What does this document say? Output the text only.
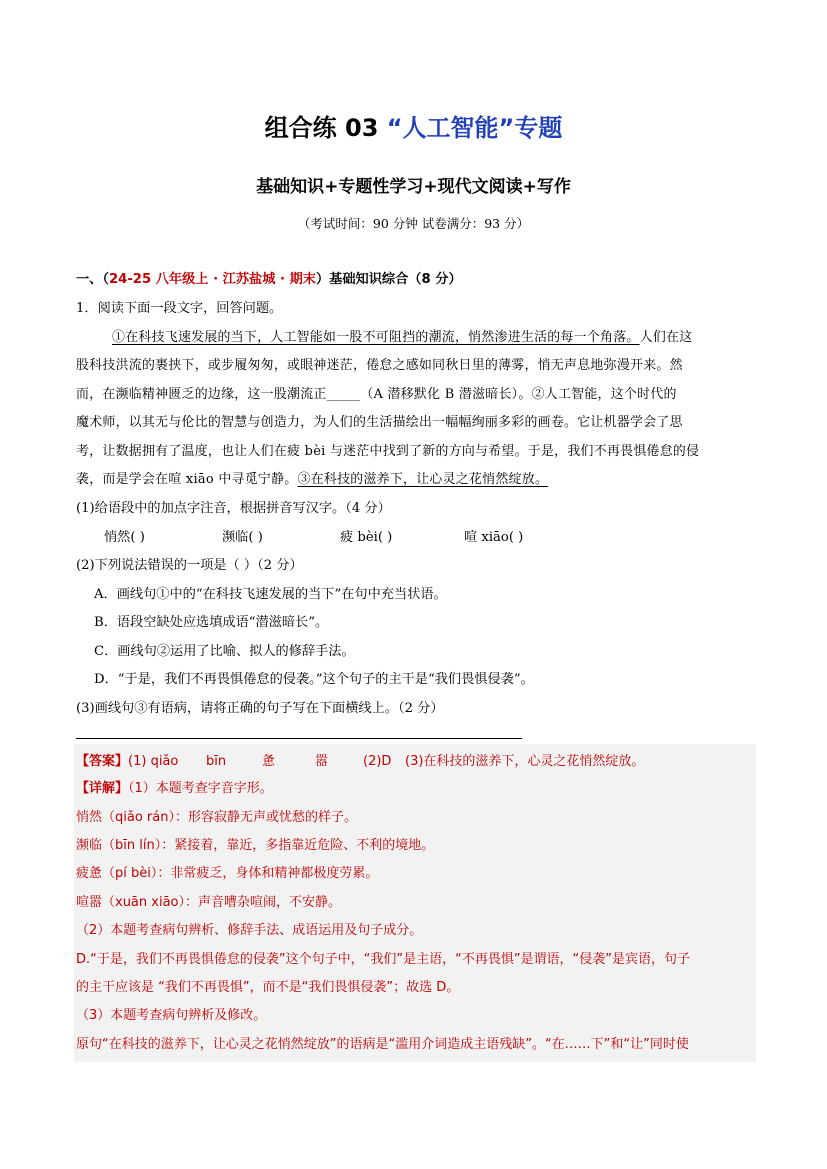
组合练 03 “人工智能”专题
基础知识+专题性学习+现代文阅读+写作
（考试时间：90 分钟 试卷满分：93 分）
一、（24-25 八年级上 · 江苏盐城 · 期末）基础知识综合（8 分）
1．阅读下面一段文字，回答问题。
①在科技飞速发展的当下，人工智能如一股不可阻挡的潮流，悄然渗进生活的每一个角落。人们在这
股科技洪流的裹挟下，或步履匆匆，或眼神迷茫，倦怠之感如同秋日里的薄雾，悄无声息地弥漫开来。然
而，在濒临精神匮乏的边缘，这一股潮流正_____（A 潜移默化 B 潜滋暗长）。②人工智能，这个时代的
魔术师，以其无与伦比的智慧与创造力，为人们的生活描绘出一幅幅绚丽多彩的画卷。它让机器学会了思
考，让数据拥有了温度，也让人们在疲 bèi 与迷茫中找到了新的方向与希望。于是，我们不再畏惧倦怠的侵
袭，而是学会在喧 xiāo 中寻觅宁静。③在科技的滋养下，让心灵之花悄然绽放。
(1)给语段中的加点字注音，根据拼音写汉字。（4 分）
悄然( )	濒临( )	疲 bèi( )	喧 xiāo( )
(2)下列说法错误的一项是（ ）（2 分）
A．画线句①中的“在科技飞速发展的当下”在句中充当状语。
B．语段空缺处应选填成语“潜滋暗长”。
C．画线句②运用了比喻、拟人的修辞手法。
D．“于是，我们不再畏惧倦怠的侵袭。”这个句子的主干是“我们畏惧侵袭”。
(3)画线句③有语病，请将正确的句子写在下面横线上。（2 分）
【答案】(1) qiǎo bīn	惫	嚣	(2)D (3)在科技的滋养下，心灵之花悄然绽放。
【详解】（1）本题考查字音字形。
悄然（qiǎo rán）：形容寂静无声或忧愁的样子。
濒临（bīn lín）：紧接着，靠近，多指靠近危险、不利的境地。
疲惫（pí bèi）：非常疲乏，身体和精神都极度劳累。
喧嚣（xuān xiāo）：声音嘈杂喧闹，不安静。
（2）本题考查病句辨析、修辞手法、成语运用及句子成分。
D.“于是，我们不再畏惧倦怠的侵袭”这个句子中，“我们”是主语，“不再畏惧”是谓语，“侵袭”是宾语，句子
的主干应该是 “我们不再畏惧”，而不是“我们畏惧侵袭”；故选 D。
（3）本题考查病句辨析及修改。
原句“在科技的滋养下，让心灵之花悄然绽放”的语病是“滥用介词造成主语残缺”。“在……下”和“让”同时使
